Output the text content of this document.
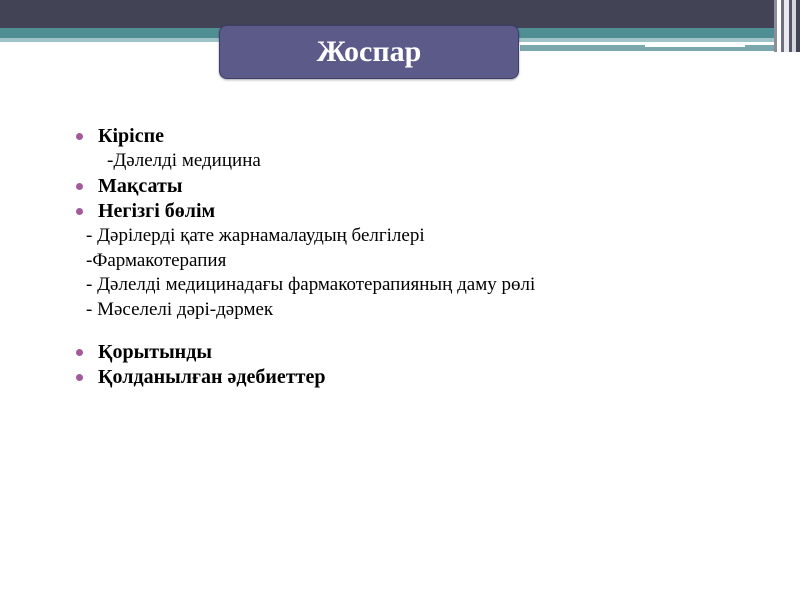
Жоспар
Кіріспе
-Дәлелді медицина
Мақсаты
Негізгі бөлім
- Дәрілерді қате жарнамалаудың белгілері
-Фармакотерапия
- Дәлелді медицинадағы фармакотерапияның даму рөлі
- Мәселелі дәрі-дәрмек
Қорытынды
Қолданылған әдебиеттер
